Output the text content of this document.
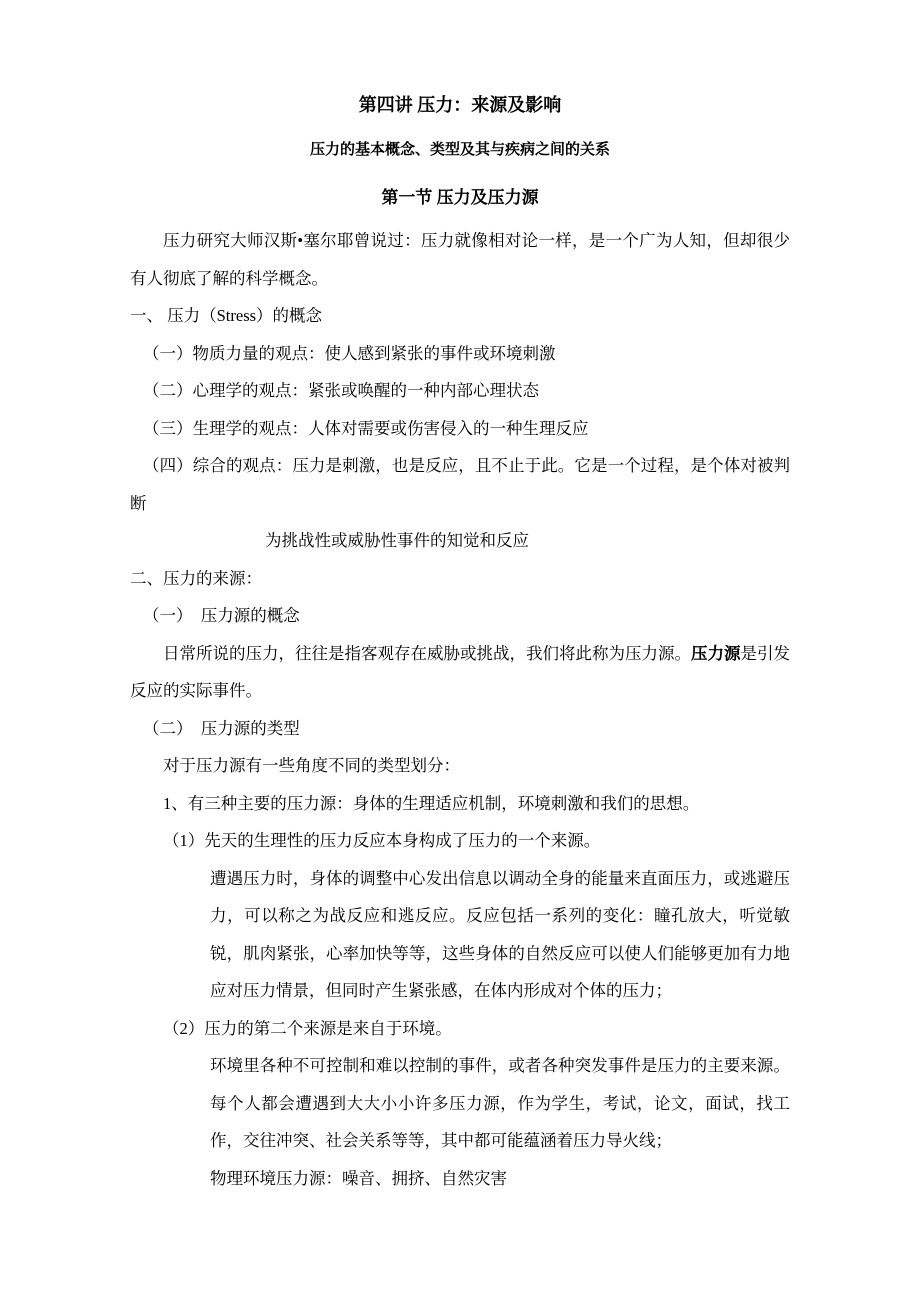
第四讲 压力：来源及影响
压力的基本概念、类型及其与疾病之间的关系
第一节 压力及压力源

压力研究大师汉斯•塞尔耶曾说过：压力就像相对论一样，是一个广为人知，但却很少有人彻底了解的科学概念。

一、 压力（Stress）的概念

（一）物质力量的观点：使人感到紧张的事件或环境刺激

（二）心理学的观点：紧张或唤醒的一种内部心理状态

（三）生理学的观点：人体对需要或伤害侵入的一种生理反应

（四）综合的观点：压力是刺激，也是反应，且不止于此。它是一个过程，是个体对被判断

为挑战性或威胁性事件的知觉和反应

二、压力的来源：

（一）　压力源的概念

日常所说的压力，往往是指客观存在威胁或挑战，我们将此称为压力源。压力源是引发反应的实际事件。

（二）　压力源的类型

对于压力源有一些角度不同的类型划分：

1、有三种主要的压力源：身体的生理适应机制，环境刺激和我们的思想。

（1）先天的生理性的压力反应本身构成了压力的一个来源。

遭遇压力时，身体的调整中心发出信息以调动全身的能量来直面压力，或逃避压力，可以称之为战反应和逃反应。反应包括一系列的变化：瞳孔放大，听觉敏锐，肌肉紧张，心率加快等等，这些身体的自然反应可以使人们能够更加有力地应对压力情景，但同时产生紧张感，在体内形成对个体的压力；

（2）压力的第二个来源是来自于环境。

环境里各种不可控制和难以控制的事件，或者各种突发事件是压力的主要来源。每个人都会遭遇到大大小小许多压力源，作为学生，考试，论文，面试，找工作，交往冲突、社会关系等等，其中都可能蕴涵着压力导火线；

物理环境压力源：噪音、拥挤、自然灾害
